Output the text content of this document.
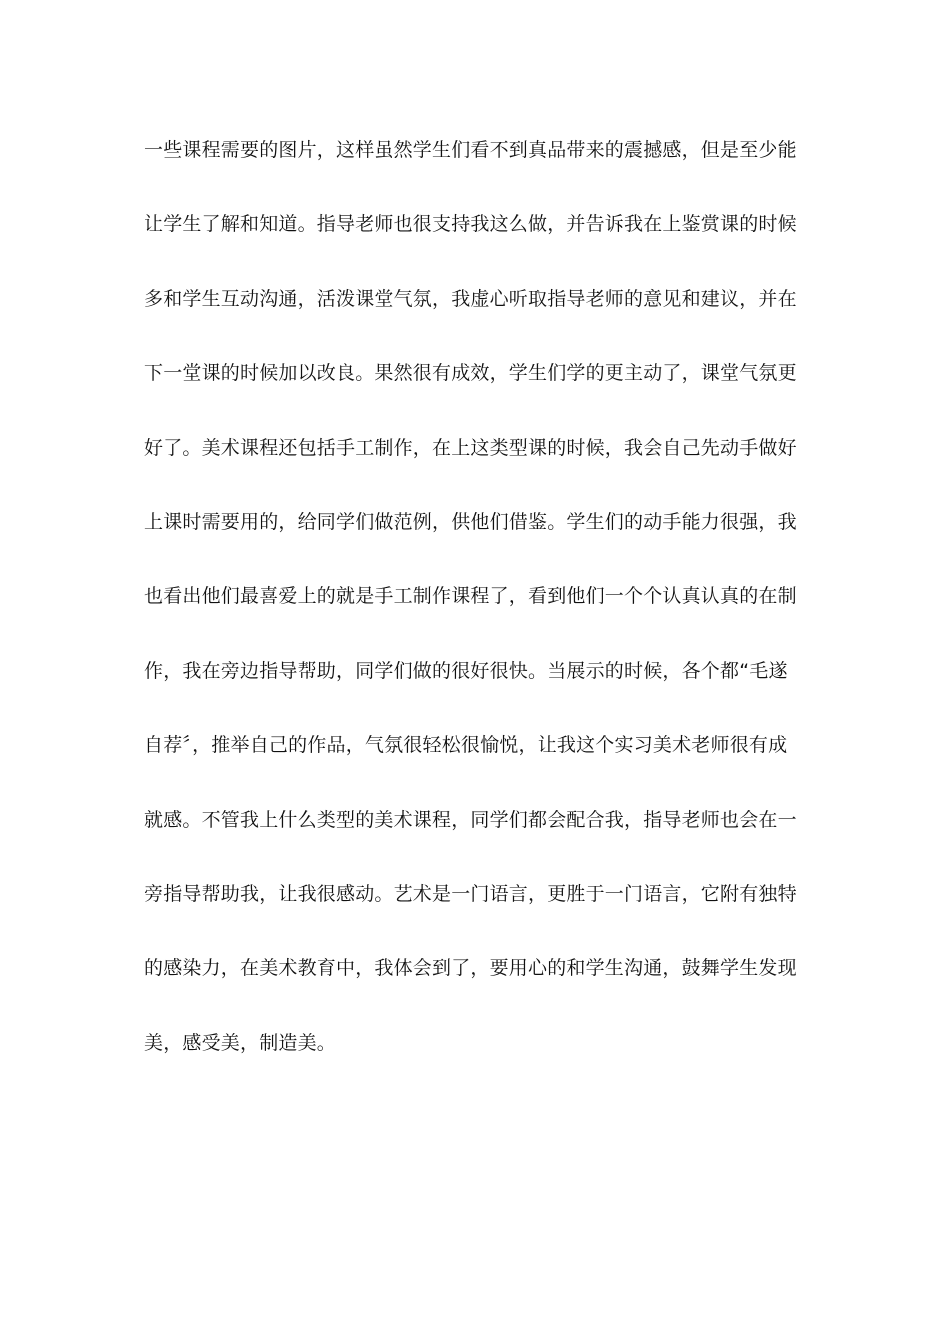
一些课程需要的图片，这样虽然学生们看不到真品带来的震撼感，但是至少能
让学生了解和知道。指导老师也很支持我这么做，并告诉我在上鉴赏课的时候
多和学生互动沟通，活泼课堂气氛，我虚心听取指导老师的意见和建议，并在
下一堂课的时候加以改良。果然很有成效，学生们学的更主动了，课堂气氛更
好了。美术课程还包括手工制作，在上这类型课的时候，我会自己先动手做好
上课时需要用的，给同学们做范例，供他们借鉴。学生们的动手能力很强，我
也看出他们最喜爱上的就是手工制作课程了，看到他们一个个认真认真的在制
作，我在旁边指导帮助，同学们做的很好很快。当展示的时候，各个都“毛遂
自荐〞，推举自己的作品，气氛很轻松很愉悦，让我这个实习美术老师很有成
就感。不管我上什么类型的美术课程，同学们都会配合我，指导老师也会在一
旁指导帮助我，让我很感动。艺术是一门语言，更胜于一门语言，它附有独特
的感染力，在美术教育中，我体会到了，要用心的和学生沟通，鼓舞学生发现
美，感受美，制造美。
